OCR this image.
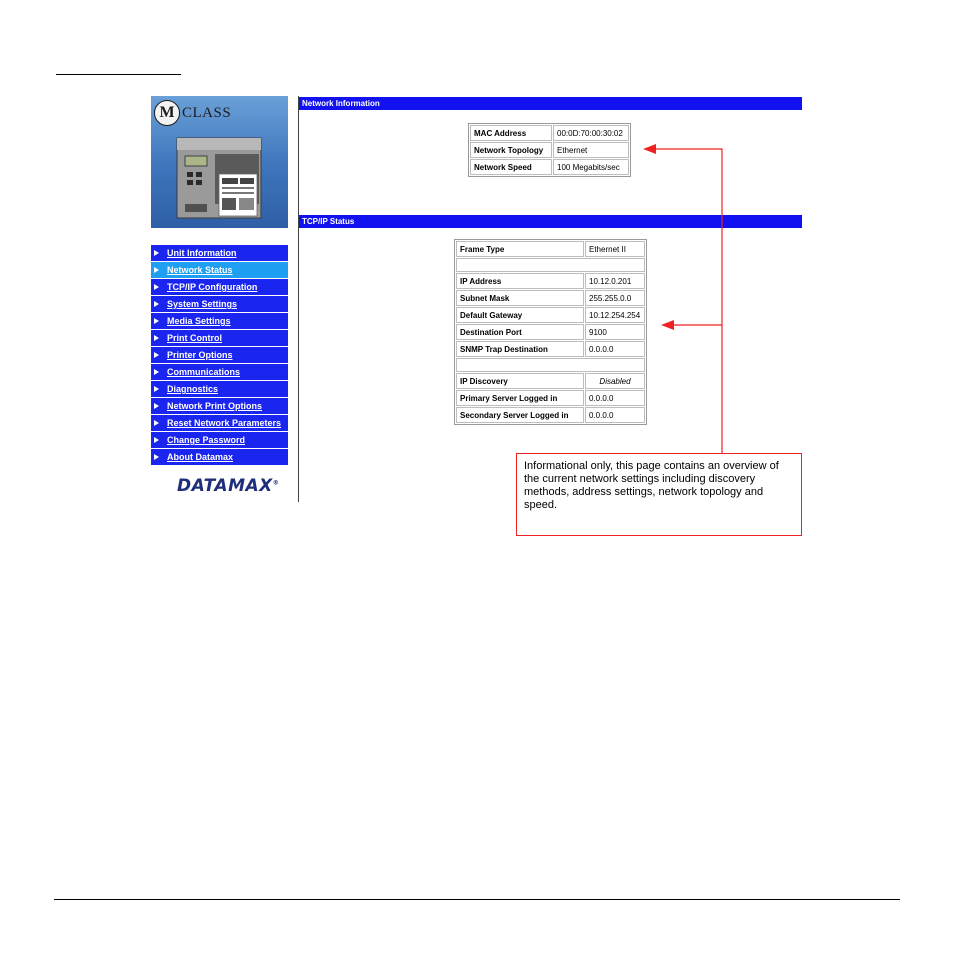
M CLASS
Unit Information
Network Status
TCP/IP Configuration
System Settings
Media Settings
Print Control
Printer Options
Communications
Diagnostics
Network Print Options
Reset Network Parameters
Change Password
About Datamax
DATAMAX®
Network Information
MAC Address	00:0D:70:00:30:02
Network Topology	Ethernet
Network Speed	100 Megabits/sec
TCP/IP Status
Frame Type	Ethernet II

IP Address	10.12.0.201
Subnet Mask	255.255.0.0
Default Gateway	10.12.254.254
Destination Port	9100
SNMP Trap Destination	0.0.0.0

IP Discovery	Disabled
Primary Server Logged in	0.0.0.0
Secondary Server Logged in	0.0.0.0
Informational only, this page contains an overview of the current network settings including discovery methods, address settings, network topology and speed.
